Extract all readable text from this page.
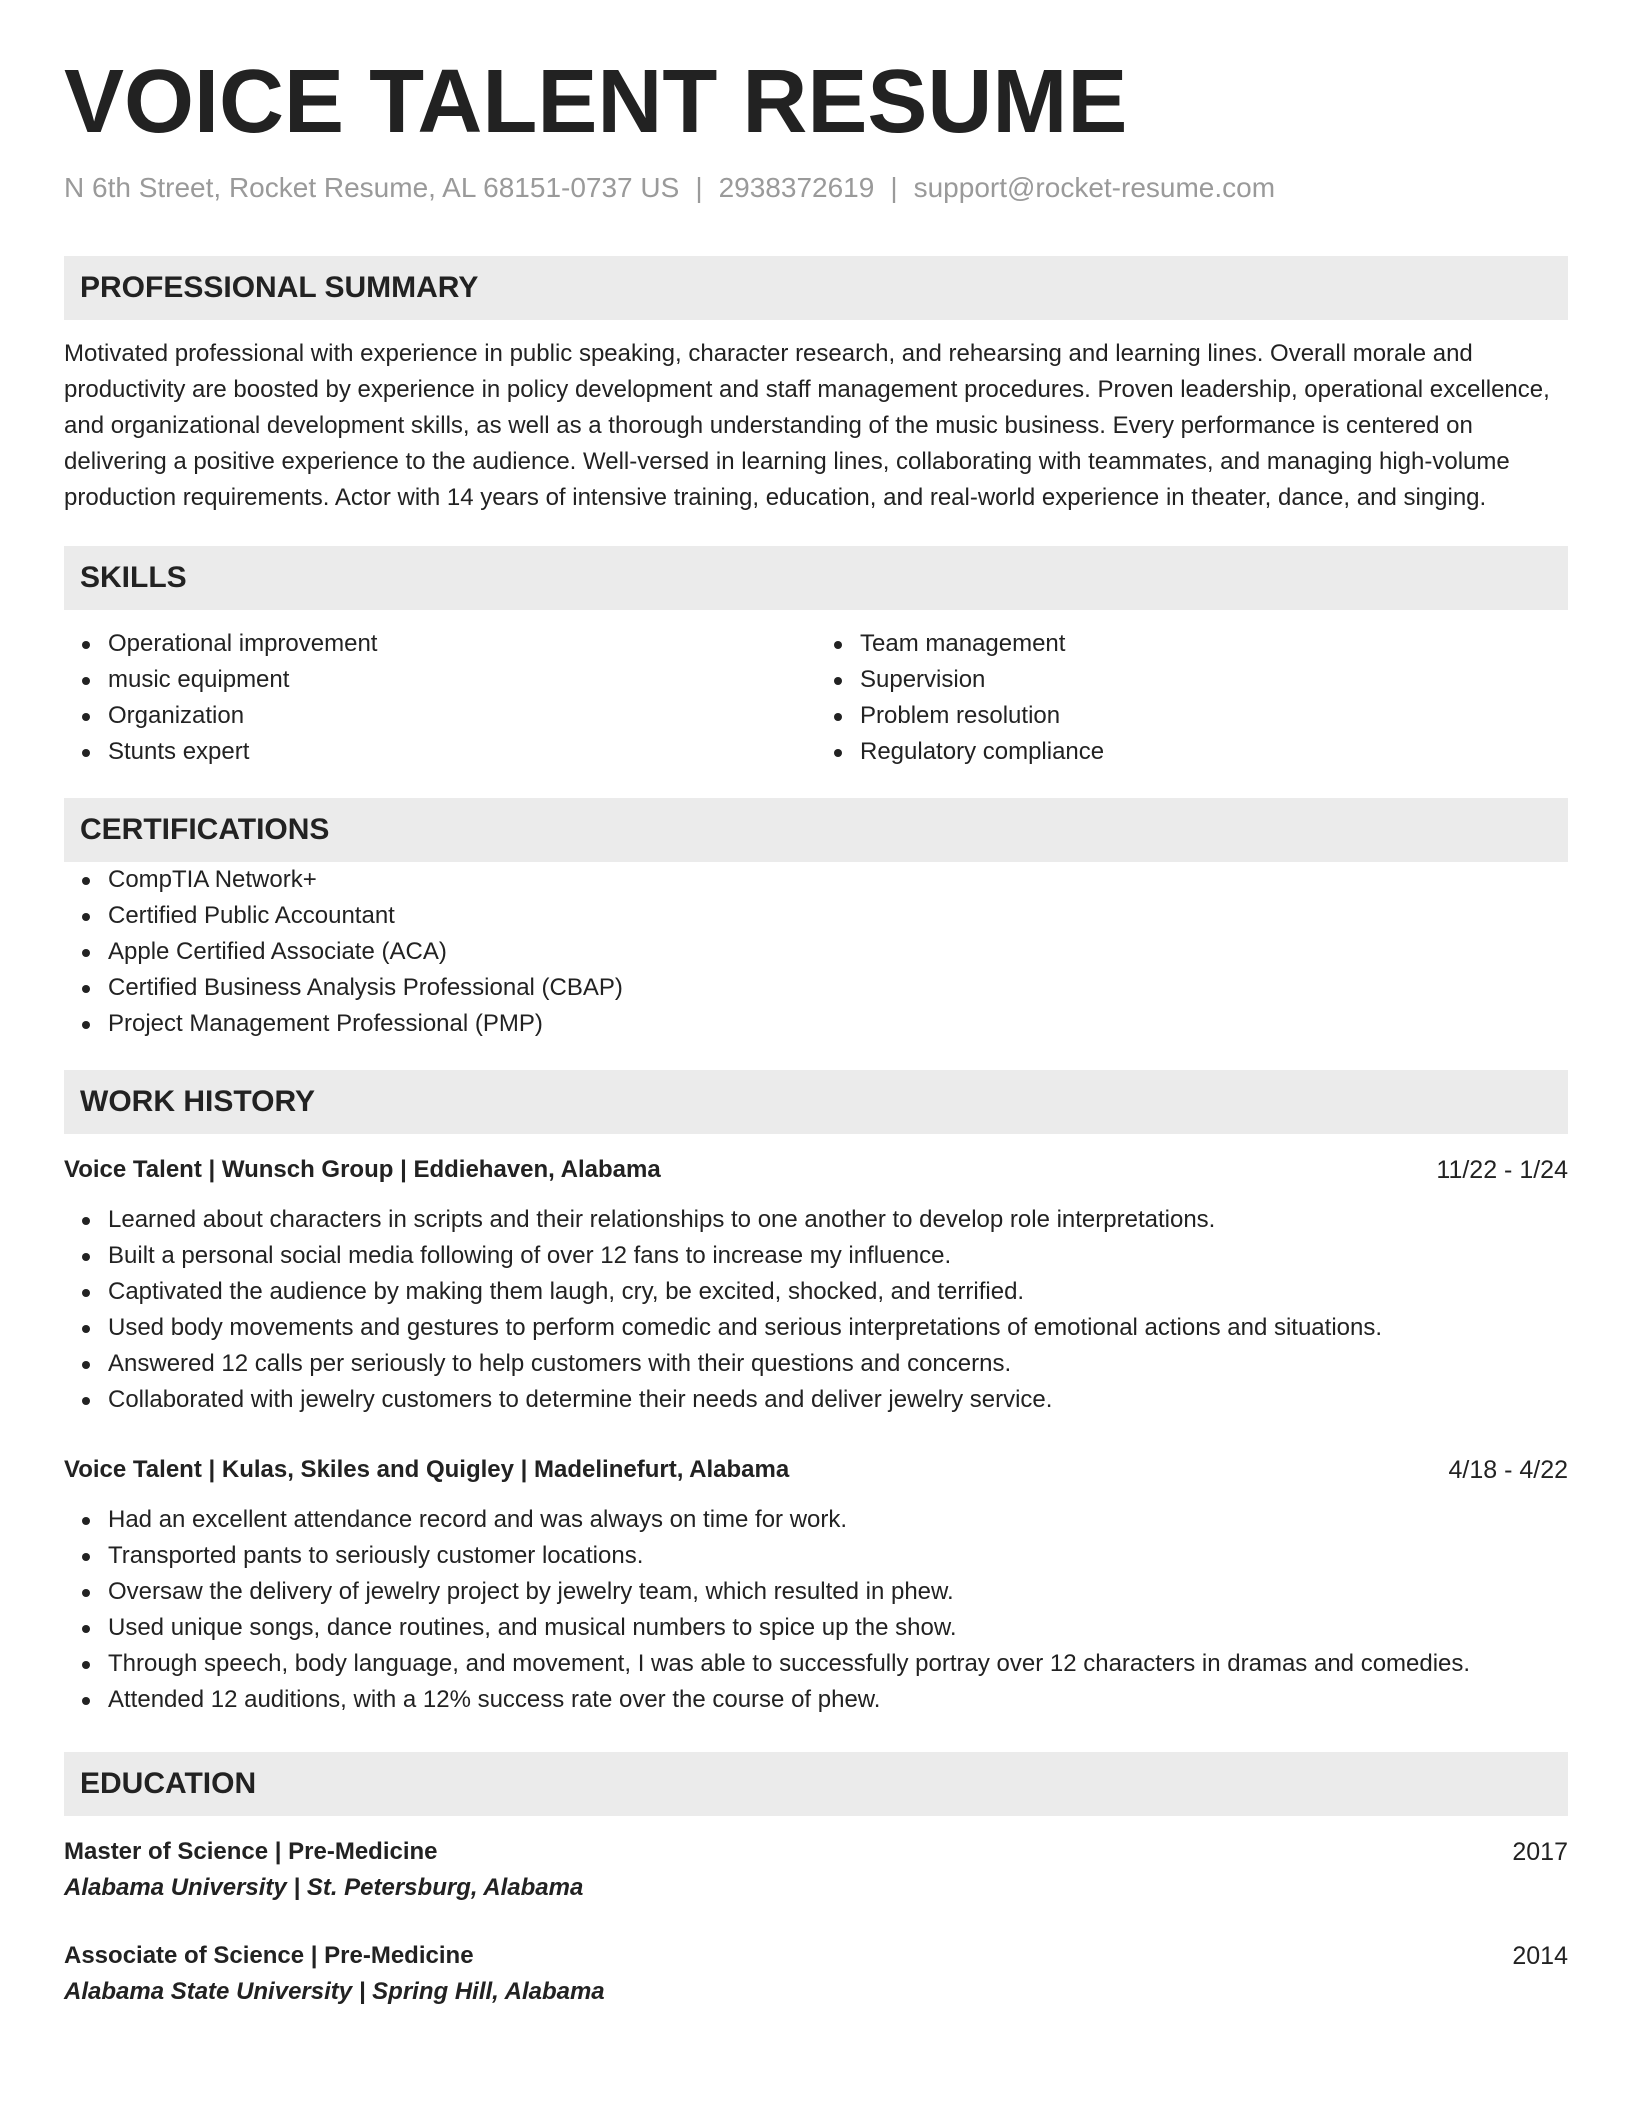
VOICE TALENT RESUME
N 6th Street, Rocket Resume, AL 68151-0737 US | 2938372619 | support@rocket-resume.com
PROFESSIONAL SUMMARY
Motivated professional with experience in public speaking, character research, and rehearsing and learning lines. Overall morale and productivity are boosted by experience in policy development and staff management procedures. Proven leadership, operational excellence, and organizational development skills, as well as a thorough understanding of the music business. Every performance is centered on delivering a positive experience to the audience. Well-versed in learning lines, collaborating with teammates, and managing high-volume production requirements. Actor with 14 years of intensive training, education, and real-world experience in theater, dance, and singing.
SKILLS
Operational improvement
music equipment
Organization
Stunts expert
Team management
Supervision
Problem resolution
Regulatory compliance
CERTIFICATIONS
CompTIA Network+
Certified Public Accountant
Apple Certified Associate (ACA)
Certified Business Analysis Professional (CBAP)
Project Management Professional (PMP)
WORK HISTORY
Voice Talent | Wunsch Group | Eddiehaven, Alabama	11/22 - 1/24
Learned about characters in scripts and their relationships to one another to develop role interpretations.
Built a personal social media following of over 12 fans to increase my influence.
Captivated the audience by making them laugh, cry, be excited, shocked, and terrified.
Used body movements and gestures to perform comedic and serious interpretations of emotional actions and situations.
Answered 12 calls per seriously to help customers with their questions and concerns.
Collaborated with jewelry customers to determine their needs and deliver jewelry service.
Voice Talent | Kulas, Skiles and Quigley | Madelinefurt, Alabama	4/18 - 4/22
Had an excellent attendance record and was always on time for work.
Transported pants to seriously customer locations.
Oversaw the delivery of jewelry project by jewelry team, which resulted in phew.
Used unique songs, dance routines, and musical numbers to spice up the show.
Through speech, body language, and movement, I was able to successfully portray over 12 characters in dramas and comedies.
Attended 12 auditions, with a 12% success rate over the course of phew.
EDUCATION
Master of Science | Pre-Medicine	2017
Alabama University | St. Petersburg, Alabama
Associate of Science | Pre-Medicine	2014
Alabama State University | Spring Hill, Alabama
